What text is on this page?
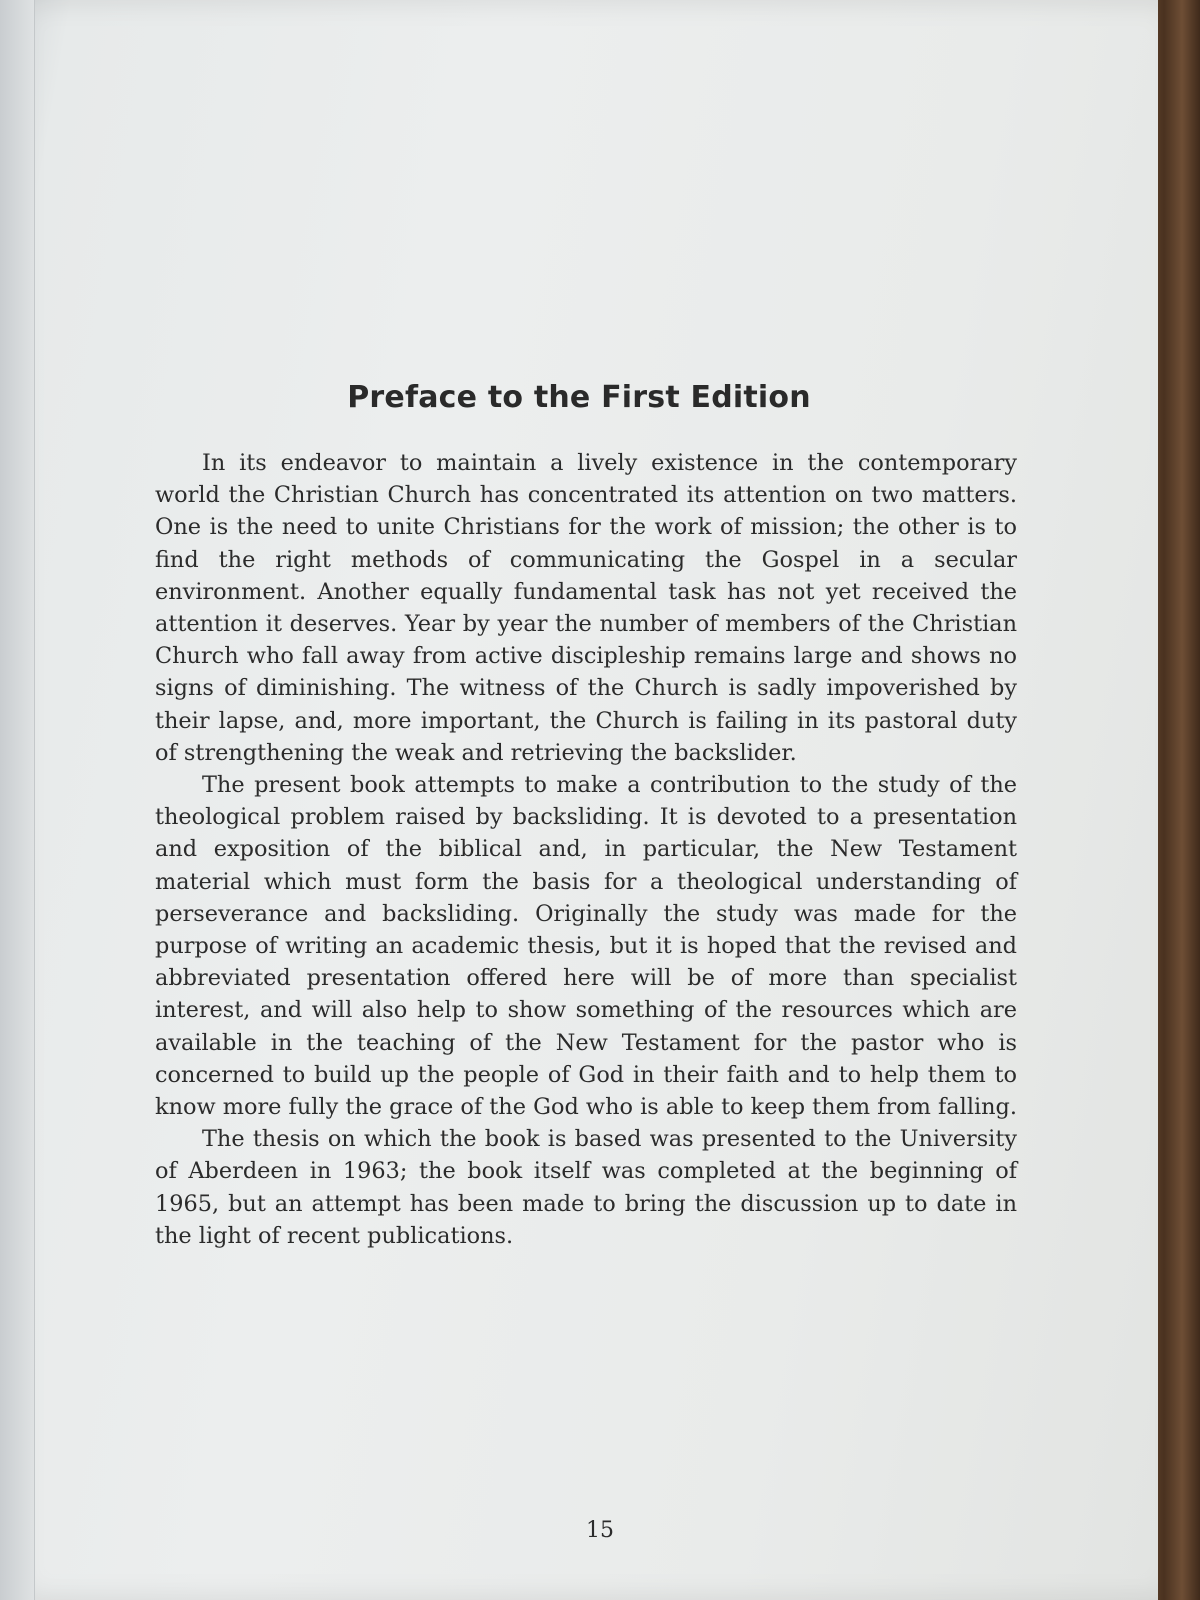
Preface to the First Edition

In its endeavor to maintain a lively existence in the contemporary world the Christian Church has concentrated its attention on two matters. One is the need to unite Christians for the work of mission; the other is to find the right methods of communicating the Gospel in a secular environment. Another equally fundamental task has not yet received the attention it deserves. Year by year the number of members of the Christian Church who fall away from active discipleship remains large and shows no signs of diminishing. The witness of the Church is sadly impoverished by their lapse, and, more important, the Church is failing in its pastoral duty of strengthening the weak and retrieving the backslider.

The present book attempts to make a contribution to the study of the theological problem raised by backsliding. It is devoted to a presentation and exposition of the biblical and, in particular, the New Testament material which must form the basis for a theological understanding of perseverance and backsliding. Originally the study was made for the purpose of writing an academic thesis, but it is hoped that the revised and abbreviated presentation offered here will be of more than specialist interest, and will also help to show something of the resources which are available in the teaching of the New Testament for the pastor who is concerned to build up the people of God in their faith and to help them to know more fully the grace of the God who is able to keep them from falling.

The thesis on which the book is based was presented to the University of Aberdeen in 1963; the book itself was completed at the beginning of 1965, but an attempt has been made to bring the discussion up to date in the light of recent publications.

15
